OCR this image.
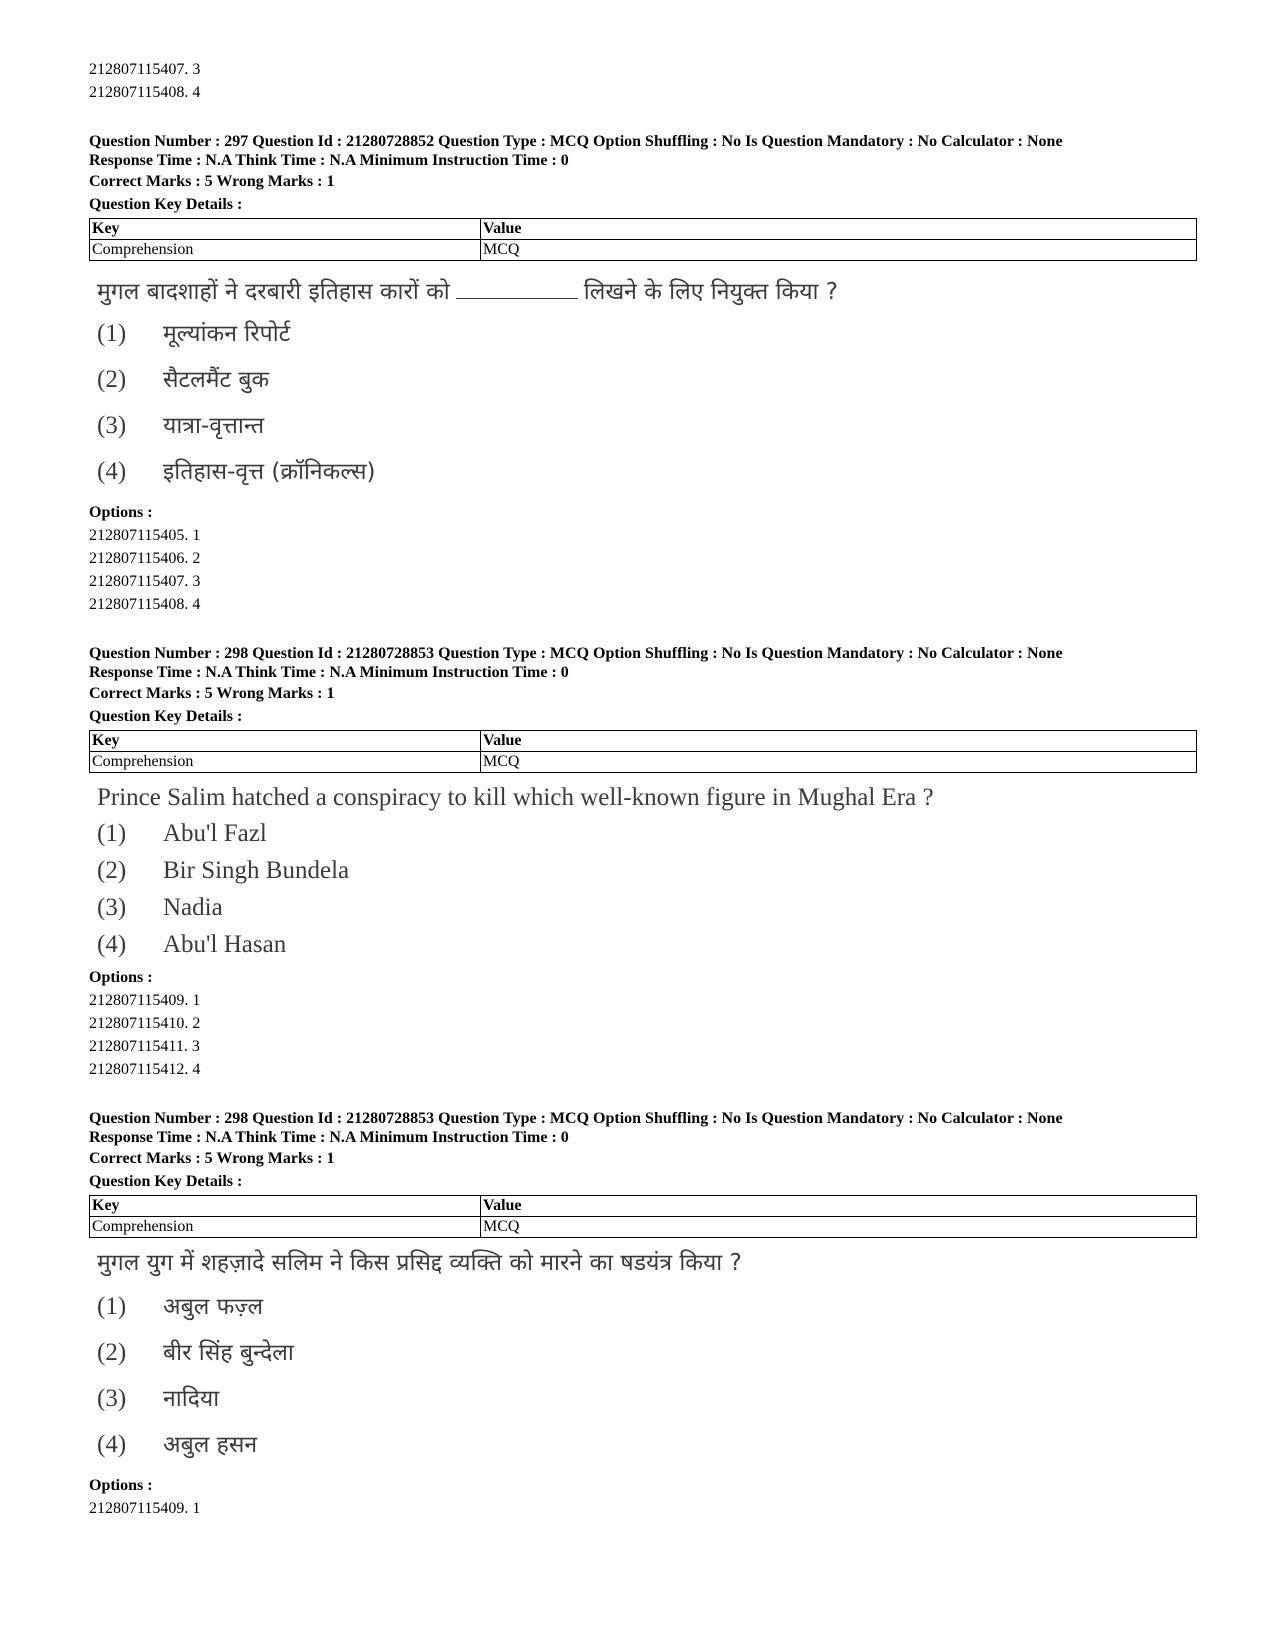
212807115407. 3

212807115408. 4

Question Number : 297 Question Id : 21280728852 Question Type : MCQ Option Shuffling : No Is Question Mandatory : No Calculator : None

Response Time : N.A Think Time : N.A Minimum Instruction Time : 0

Correct Marks : 5 Wrong Marks : 1

Question Key Details :

Key	Value
Comprehension	MCQ

मुगल बादशाहों ने दरबारी इतिहास कारों को	लिखने के लिए नियुक्त किया ?

(1)	मूल्यांकन रिपोर्ट
(2)	सैटलमैंट बुक
(3)	यात्रा-वृत्तान्त
(4)	इतिहास-वृत्त (क्रॉनिकल्स)

Options :

212807115405. 1

212807115406. 2

212807115407. 3

212807115408. 4

Question Number : 298 Question Id : 21280728853 Question Type : MCQ Option Shuffling : No Is Question Mandatory : No Calculator : None

Response Time : N.A Think Time : N.A Minimum Instruction Time : 0

Correct Marks : 5 Wrong Marks : 1

Question Key Details :

Key	Value
Comprehension	MCQ

Prince Salim hatched a conspiracy to kill which well-known figure in Mughal Era ?

(1)	Abu'l Fazl
(2)	Bir Singh Bundela
(3)	Nadia
(4)	Abu'l Hasan

Options :

212807115409. 1

212807115410. 2

212807115411. 3

212807115412. 4

Question Number : 298 Question Id : 21280728853 Question Type : MCQ Option Shuffling : No Is Question Mandatory : No Calculator : None

Response Time : N.A Think Time : N.A Minimum Instruction Time : 0

Correct Marks : 5 Wrong Marks : 1

Question Key Details :

Key	Value
Comprehension	MCQ

मुगल युग में शहज़ादे सलिम ने किस प्रसिद्द व्यक्ति को मारने का षडयंत्र किया ?

(1)	अबुल फज़्ल
(2)	बीर सिंह बुन्देला
(3)	नादिया
(4)	अबुल हसन

Options :

212807115409. 1
